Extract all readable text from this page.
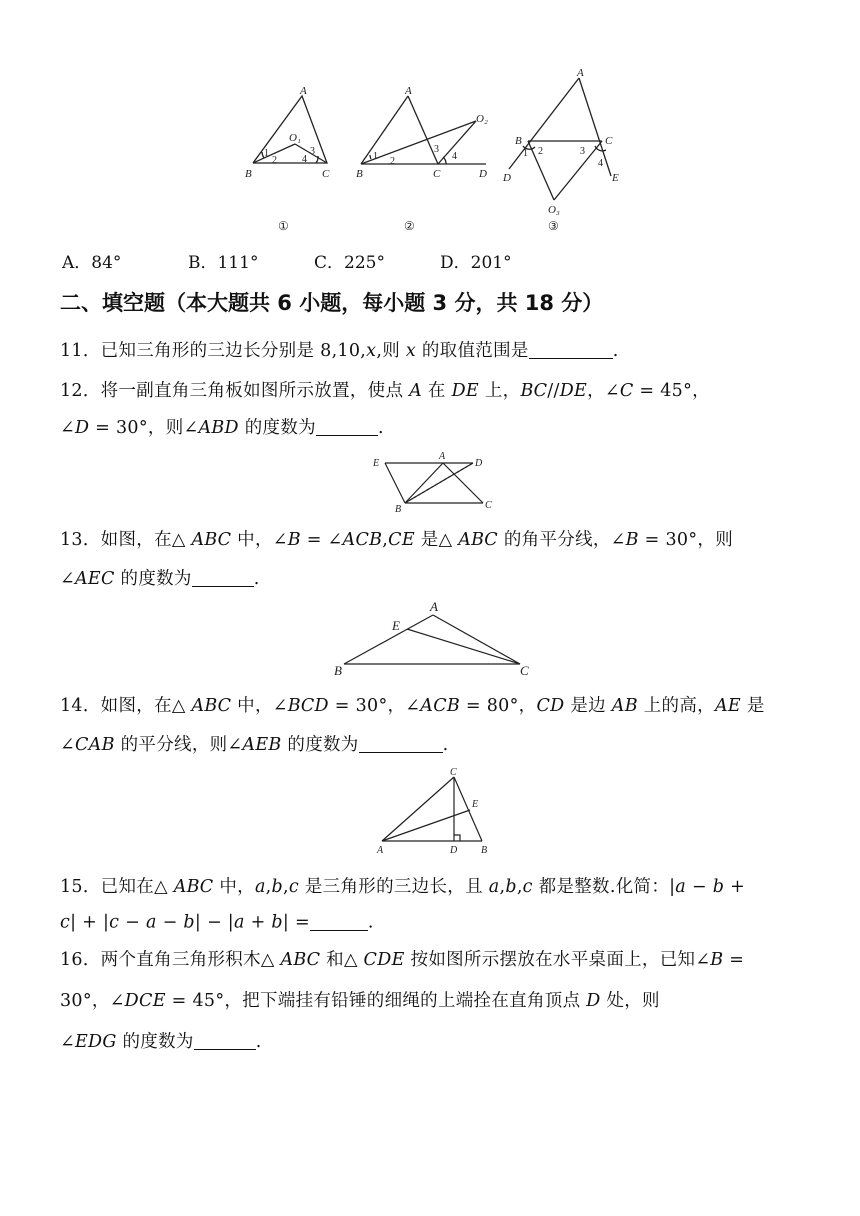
A
B	C
O₁
1
2
3
4
①
A
B	C	D
O₂
1 2
3
4
②
A
B	C
D	E
O₃
1 2	3
4
③
A．84°	B．111°	C．225°	D．201°
二、填空题（本大题共 6 小题，每小题 3 分，共 18 分）
11．已知三角形的三边长分别是 8,10,𝑥,则 𝑥 的取值范围是	.
12．将一副直角三角板如图所示放置，使点 𝐴 在 𝐷𝐸 上，𝐵𝐶//𝐷𝐸，∠𝐶 = 45°，
∠𝐷 = 30°，则∠𝐴𝐵𝐷 的度数为	.
E
A
D
B	C
13．如图，在△ 𝐴𝐵𝐶 中，∠𝐵 = ∠𝐴𝐶𝐵,𝐶𝐸 是△ 𝐴𝐵𝐶 的角平分线，∠𝐵 = 30°，则
∠𝐴𝐸𝐶 的度数为	.
A
E
B	C
14．如图，在△ 𝐴𝐵𝐶 中，∠𝐵𝐶𝐷 = 30°，∠𝐴𝐶𝐵 = 80°，𝐶𝐷 是边 𝐴𝐵 上的高，𝐴𝐸 是
∠𝐶𝐴𝐵 的平分线，则∠𝐴𝐸𝐵 的度数为	.
C
E
A	D B
15．已知在△ 𝐴𝐵𝐶 中，𝑎,𝑏,𝑐 是三角形的三边长，且 𝑎,𝑏,𝑐 都是整数.化简：|𝑎 − 𝑏 +
𝑐| + |𝑐 − 𝑎 − 𝑏| − |𝑎 + 𝑏| =	.
16．两个直角三角形积木△ 𝐴𝐵𝐶 和△ 𝐶𝐷𝐸 按如图所示摆放在水平桌面上，已知∠𝐵 =
30°，∠𝐷𝐶𝐸 = 45°，把下端挂有铅锤的细绳的上端拴在直角顶点 𝐷 处，则
∠𝐸𝐷𝐺 的度数为	.
